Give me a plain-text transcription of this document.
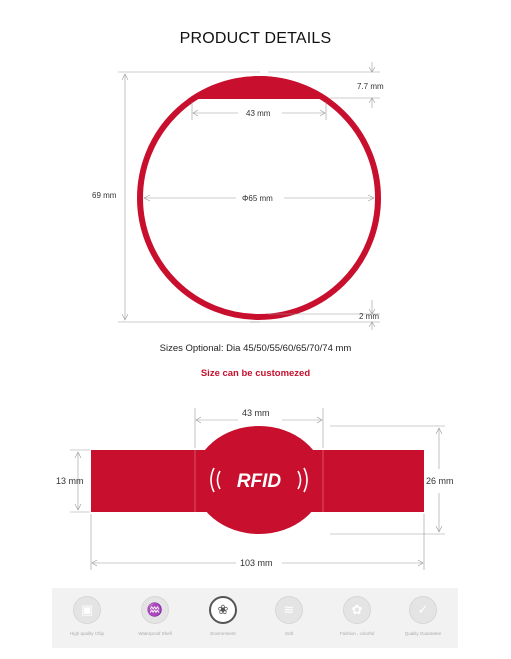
PRODUCT DETAILS
69 mm
7.7 mm
43 mm
Φ65 mm
2 mm
RFID
43 mm
13 mm	26 mm
103 mm
Sizes Optional: Dia 45/50/55/60/65/70/74 mm
Size can be customezed
▣
High quality Chip
♒
Waterproof Shell
❀
Environment
≋
Soft
✿
Fashion , colorful
✓
Quality Guarantee
